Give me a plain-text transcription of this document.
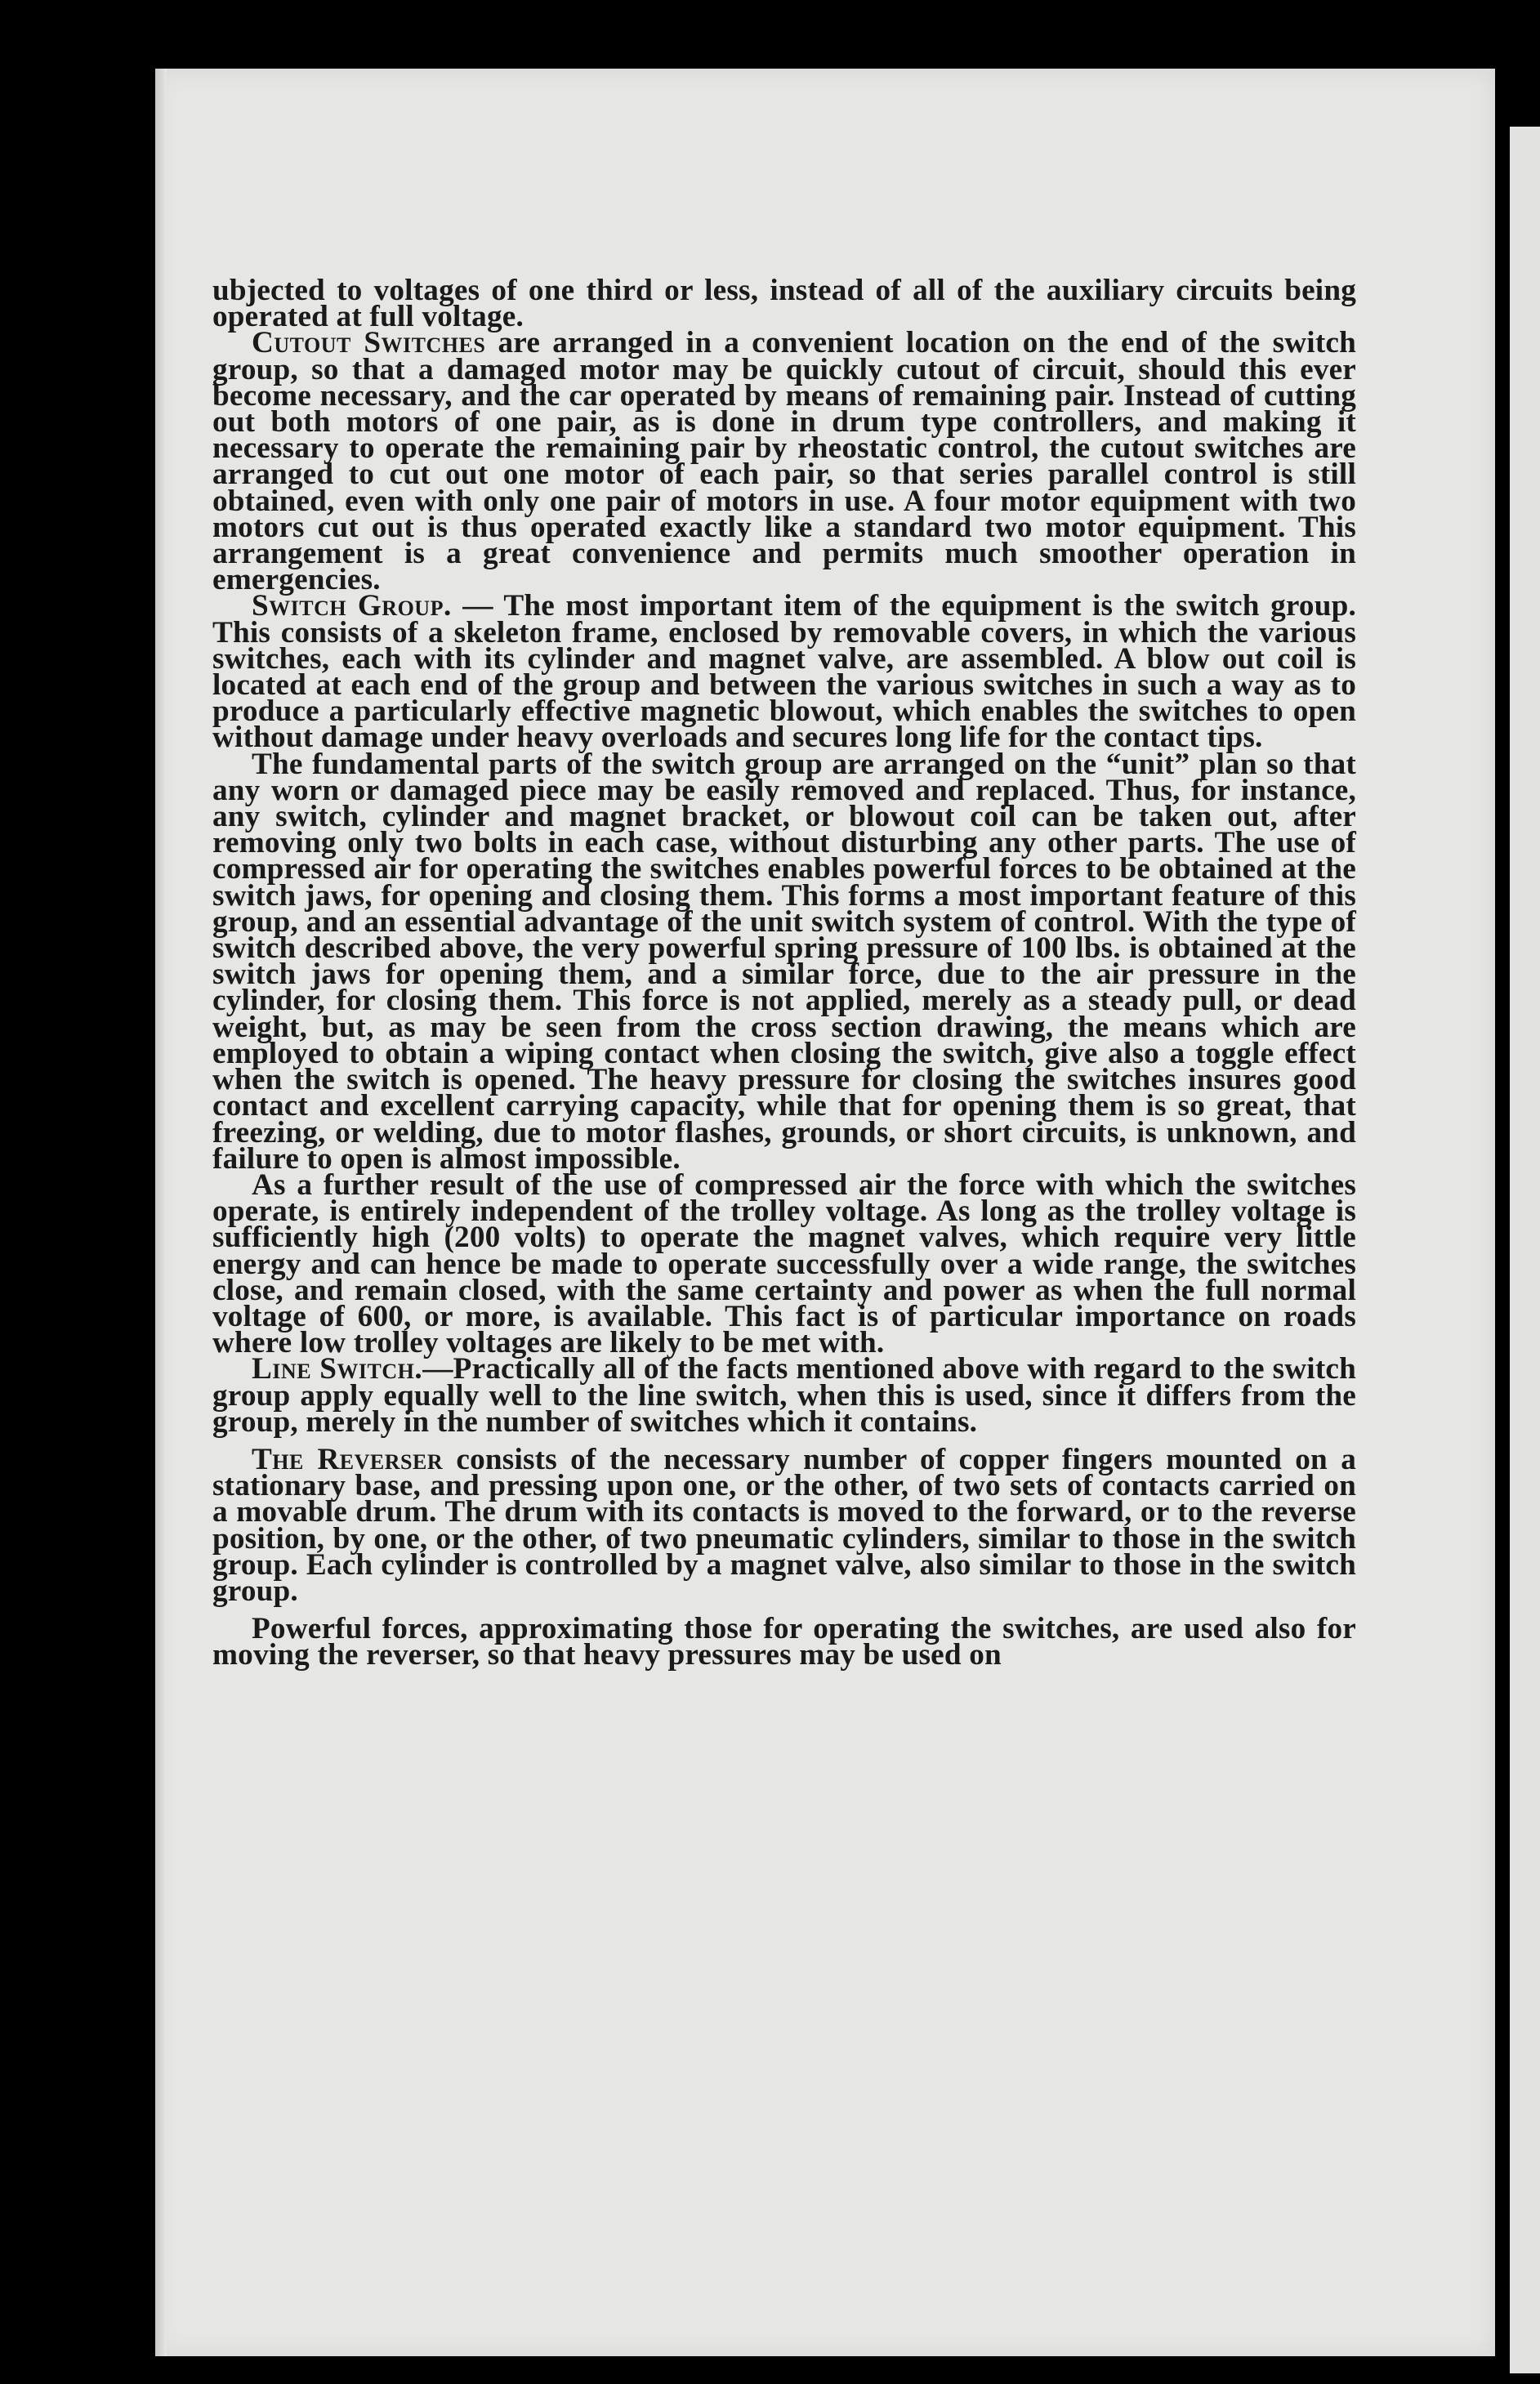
ubjected to voltages of one third or less, instead of all of the auxiliary circuits being operated at full voltage.

Cutout Switches are arranged in a convenient location on the end of the switch group, so that a damaged motor may be quickly cutout of circuit, should this ever become necessary, and the car operated by means of remaining pair. Instead of cutting out both motors of one pair, as is done in drum type controllers, and making it necessary to operate the remaining pair by rheostatic control, the cutout switches are arranged to cut out one motor of each pair, so that series parallel control is still obtained, even with only one pair of motors in use. A four motor equipment with two motors cut out is thus operated exactly like a standard two motor equipment. This arrangement is a great convenience and permits much smoother operation in emergencies.

Switch Group. — The most important item of the equipment is the switch group. This consists of a skeleton frame, enclosed by removable covers, in which the various switches, each with its cylinder and magnet valve, are assembled. A blow out coil is located at each end of the group and between the various switches in such a way as to produce a particularly effective magnetic blowout, which enables the switches to open without damage under heavy overloads and secures long life for the contact tips.

The fundamental parts of the switch group are arranged on the “unit” plan so that any worn or damaged piece may be easily removed and replaced. Thus, for instance, any switch, cylinder and magnet bracket, or blowout coil can be taken out, after removing only two bolts in each case, without disturbing any other parts. The use of compressed air for operating the switches enables powerful forces to be obtained at the switch jaws, for opening and closing them. This forms a most important feature of this group, and an essential advantage of the unit switch system of control. With the type of switch described above, the very powerful spring pressure of 100 lbs. is obtained at the switch jaws for opening them, and a similar force, due to the air pressure in the cylinder, for closing them. This force is not applied, merely as a steady pull, or dead weight, but, as may be seen from the cross section drawing, the means which are employed to obtain a wiping contact when closing the switch, give also a toggle effect when the switch is opened. The heavy pressure for closing the switches insures good contact and excellent carrying capacity, while that for opening them is so great, that freezing, or welding, due to motor flashes, grounds, or short circuits, is unknown, and failure to open is almost impossible.

As a further result of the use of compressed air the force with which the switches operate, is entirely independent of the trolley voltage. As long as the trolley voltage is sufficiently high (200 volts) to operate the magnet valves, which require very little energy and can hence be made to operate successfully over a wide range, the switches close, and remain closed, with the same certainty and power as when the full normal voltage of 600, or more, is available. This fact is of particular importance on roads where low trolley voltages are likely to be met with.

Line Switch.—Practically all of the facts mentioned above with regard to the switch group apply equally well to the line switch, when this is used, since it differs from the group, merely in the number of switches which it contains.

The Reverser consists of the necessary number of copper fingers mounted on a stationary base, and pressing upon one, or the other, of two sets of contacts carried on a movable drum. The drum with its contacts is moved to the forward, or to the reverse position, by one, or the other, of two pneumatic cylinders, similar to those in the switch group. Each cylinder is controlled by a magnet valve, also similar to those in the switch group.

Powerful forces, approximating those for operating the switches, are used also for moving the reverser, so that heavy pressures may be used on
